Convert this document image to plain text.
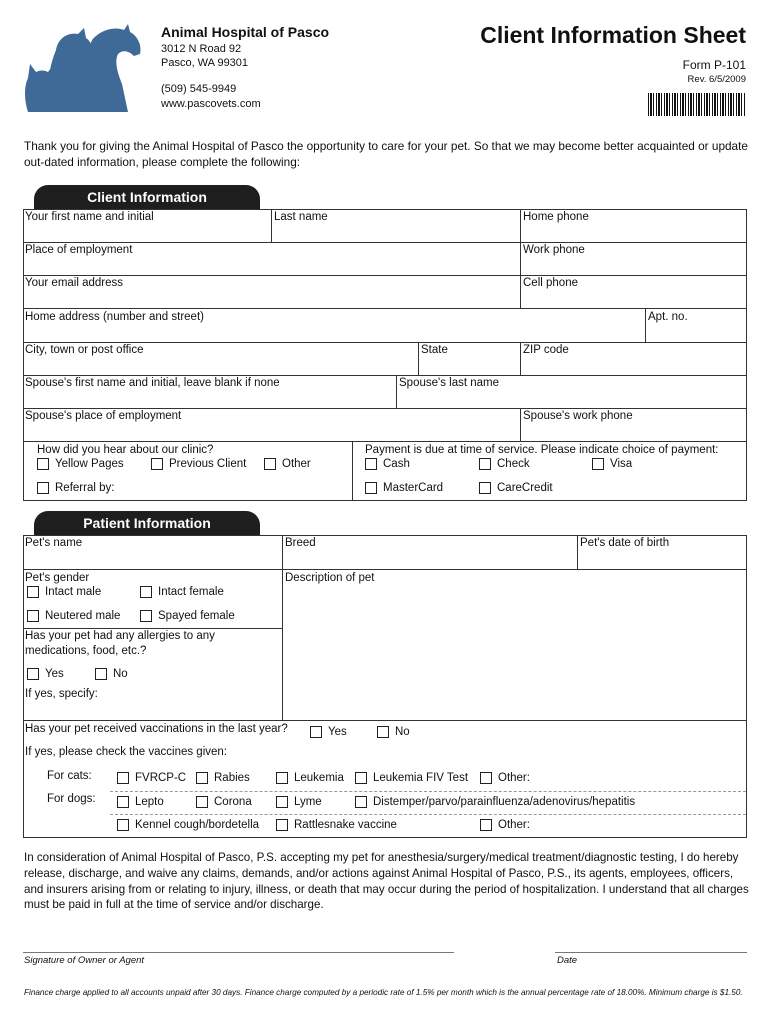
Animal Hospital of Pasco
3012 N Road 92
Pasco, WA 99301
(509) 545-9949
www.pascovets.com
Client Information Sheet
Form P-101
Rev. 6/5/2009
Thank you for giving the Animal Hospital of Pasco the opportunity to care for your pet. So that we may become better acquainted or update out-dated information, please complete the following:
Client Information
Your first name and initial	Last name	Home phone
Place of employment	Work phone
Your email address	Cell phone
Home address (number and street)	Apt. no.
City, town or post office	State	ZIP code
Spouse's first name and initial, leave blank if none	Spouse's last name
Spouse's place of employment	Spouse's work phone
How did you hear about our clinic?
Yellow Pages	Previous Client	Other
Referral by:
Payment is due at time of service. Please indicate choice of payment:
Cash	Check	Visa
MasterCard	CareCredit
Patient Information
Pet's name	Breed	Pet's date of birth
Pet's gender
Intact male	Intact female
Neutered male	Spayed female
Description of pet
Has your pet had any allergies to any
medications, food, etc.?
Yes	No
If yes, specify:
Has your pet received vaccinations in the last year?	Yes	No
If yes, please check the vaccines given:
For cats:	FVRCP-C Rabies	Leukemia	Leukemia FIV Test	Other:
For dogs:	Lepto	Corona	Lyme	Distemper/parvo/parainfluenza/adenovirus/hepatitis
Kennel cough/bordetella	Rattlesnake vaccine	Other:
In consideration of Animal Hospital of Pasco, P.S. accepting my pet for anesthesia/surgery/medical treatment/diagnostic testing, I do hereby release, discharge, and waive any claims, demands, and/or actions against Animal Hospital of Pasco, P.S., its agents, employees, officers, and insurers arising from or relating to injury, illness, or death that may occur during the period of hospitalization. I understand that all charges must be paid in full at the time of service and/or discharge.
Signature of Owner or Agent	Date
Finance charge applied to all accounts unpaid after 30 days. Finance charge computed by a periodic rate of 1.5% per month which is the annual percentage rate of 18.00%. Minimum charge is $1.50.
